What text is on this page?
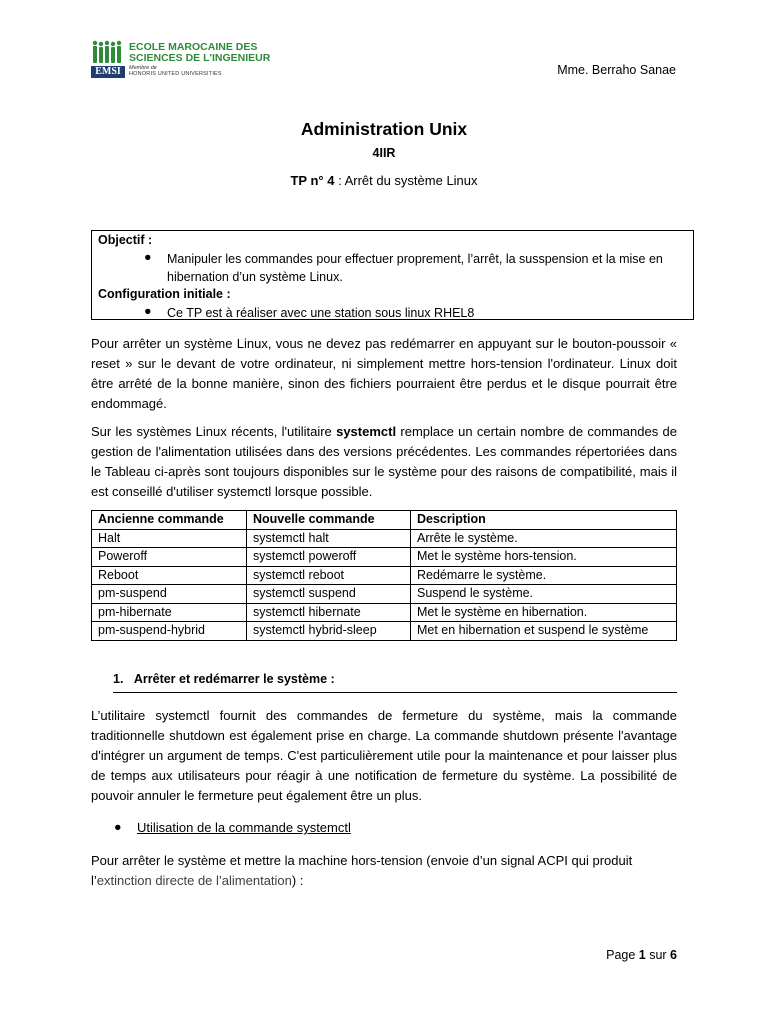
EMSI
ECOLE MAROCAINE DES
SCIENCES DE L'INGENIEUR
Membre de
HONORIS UNITED UNIVERSITIES	Mme. Berraho Sanae
Administration Unix
4IIR
TP n° 4 : Arrêt du système Linux
Objectif :
● Manipuler les commandes pour effectuer proprement, l’arrêt, la susspension et la mise en hibernation d’un système Linux.
Configuration initiale :
● Ce TP est à réaliser avec une station sous linux RHEL8
Pour arrêter un système Linux, vous ne devez pas redémarrer en appuyant sur le bouton-poussoir « reset » sur le devant de votre ordinateur, ni simplement mettre hors-tension l'ordinateur. Linux doit être arrêté de la bonne manière, sinon des fichiers pourraient être perdus et le disque pourrait être endommagé.
Sur les systèmes Linux récents, l'utilitaire systemctl remplace un certain nombre de commandes de gestion de l'alimentation utilisées dans des versions précédentes. Les commandes répertoriées dans le Tableau ci-après sont toujours disponibles sur le système pour des raisons de compatibilité, mais il est conseillé d'utiliser systemctl lorsque possible.
Ancienne commande	Nouvelle commande	Description
Halt	systemctl halt	Arrête le système.
Poweroff	systemctl poweroff	Met le système hors-tension.
Reboot	systemctl reboot	Redémarre le système.
pm-suspend	systemctl suspend	Suspend le système.
pm-hibernate	systemctl hibernate	Met le système en hibernation.
pm-suspend-hybrid	systemctl hybrid-sleep	Met en hibernation et suspend le système
1. Arrêter et redémarrer le système :
L’utilitaire systemctl fournit des commandes de fermeture du système, mais la commande traditionnelle shutdown est également prise en charge. La commande shutdown présente l'avantage d'intégrer un argument de temps. C'est particulièrement utile pour la maintenance et pour laisser plus de temps aux utilisateurs pour réagir à une notification de fermeture du système. La possibilité de pouvoir annuler le fermeture peut également être un plus.
● Utilisation de la commande systemctl
Pour arrêter le système et mettre la machine hors-tension (envoie d’un signal ACPI qui produit
l’extinction directe de l’alimentation) :
Page 1 sur 6
